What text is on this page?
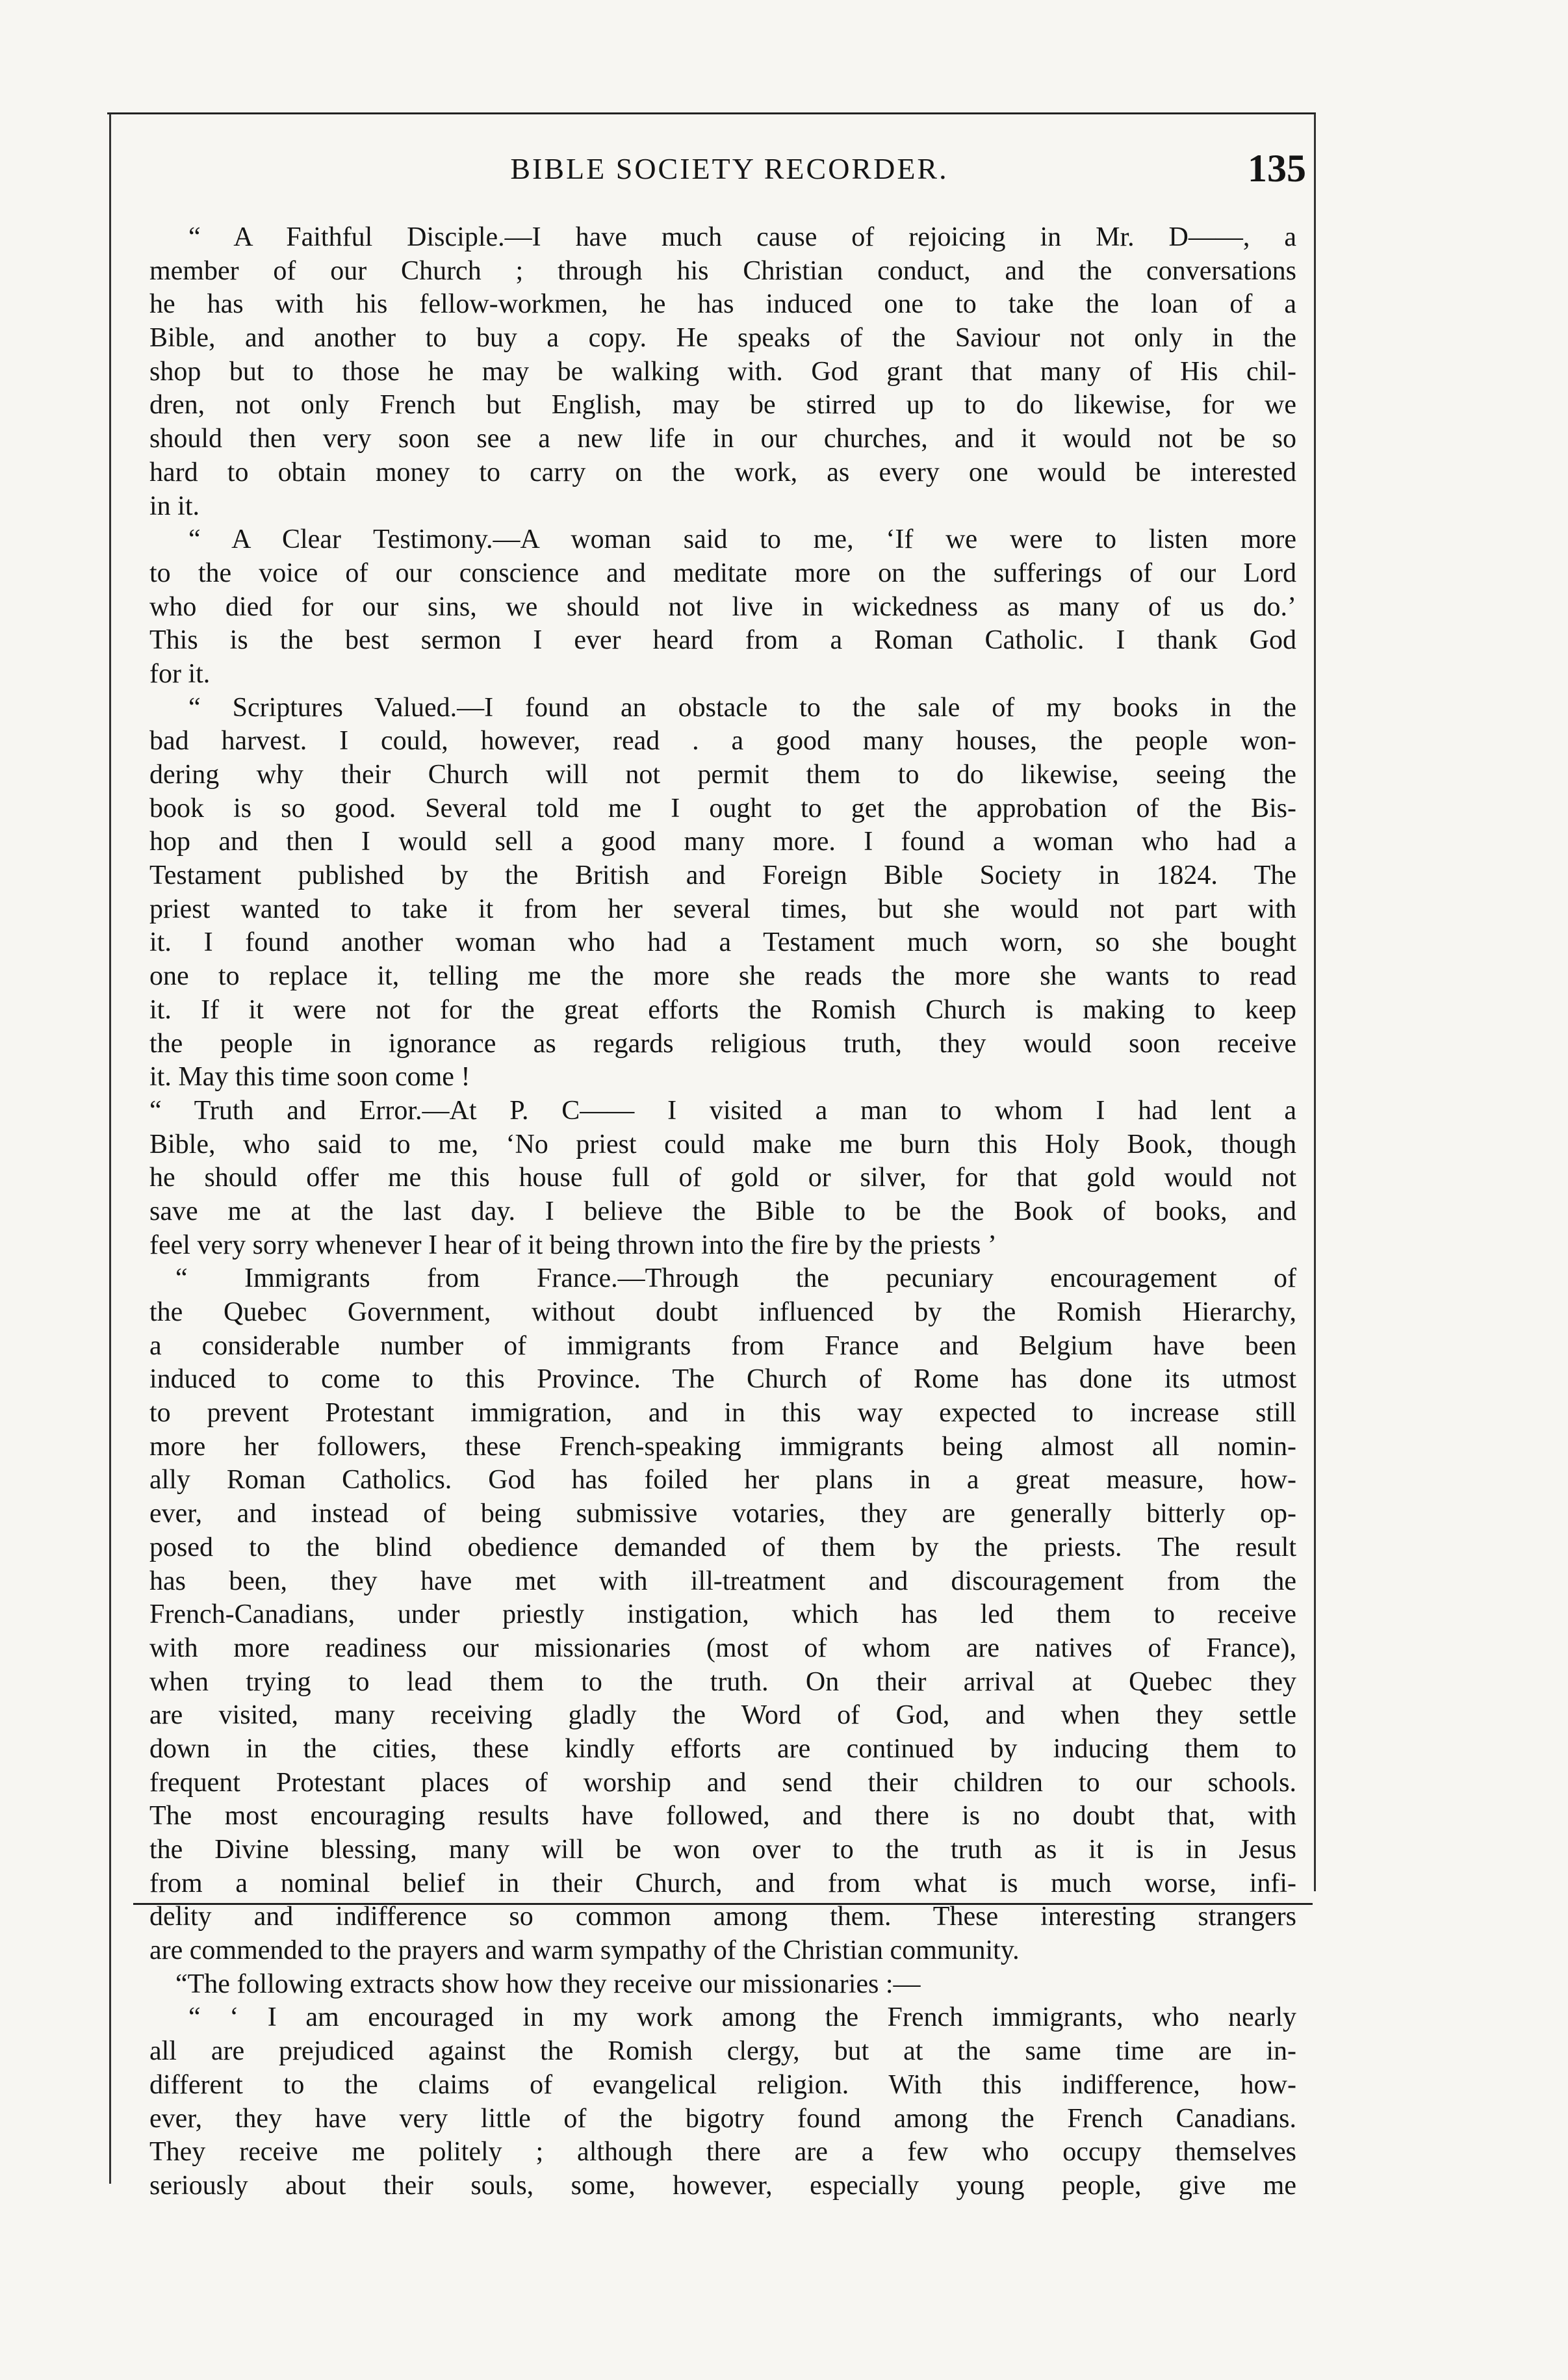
BIBLE SOCIETY RECORDER.	135
“ A Faithful Disciple.—I have much cause of rejoicing in Mr. D——, a
member of our Church ; through his Christian conduct, and the conversations
he has with his fellow-workmen, he has induced one to take the loan of a
Bible, and another to buy a copy. He speaks of the Saviour not only in the
shop but to those he may be walking with. God grant that many of His chil-
dren, not only French but English, may be stirred up to do likewise, for we
should then very soon see a new life in our churches, and it would not be so
hard to obtain money to carry on the work, as every one would be interested
in it.
“ A Clear Testimony.—A woman said to me, ‘If we were to listen more
to the voice of our conscience and meditate more on the sufferings of our Lord
who died for our sins, we should not live in wickedness as many of us do.’
This is the best sermon I ever heard from a Roman Catholic. I thank God
for it.
“ Scriptures Valued.—I found an obstacle to the sale of my books in the
bad harvest. I could, however, read . a good many houses, the people won-
dering why their Church will not permit them to do likewise, seeing the
book is so good. Several told me I ought to get the approbation of the Bis-
hop and then I would sell a good many more. I found a woman who had a
Testament published by the British and Foreign Bible Society in 1824. The
priest wanted to take it from her several times, but she would not part with
it. I found another woman who had a Testament much worn, so she bought
one to replace it, telling me the more she reads the more she wants to read
it. If it were not for the great efforts the Romish Church is making to keep
the people in ignorance as regards religious truth, they would soon receive
it. May this time soon come !
“ Truth and Error.—At P. C—— I visited a man to whom I had lent a
Bible, who said to me, ‘No priest could make me burn this Holy Book, though
he should offer me this house full of gold or silver, for that gold would not
save me at the last day. I believe the Bible to be the Book of books, and
feel very sorry whenever I hear of it being thrown into the fire by the priests ’
“ Immigrants from France.—Through the pecuniary encouragement of
the Quebec Government, without doubt influenced by the Romish Hierarchy,
a considerable number of immigrants from France and Belgium have been
induced to come to this Province. The Church of Rome has done its utmost
to prevent Protestant immigration, and in this way expected to increase still
more her followers, these French-speaking immigrants being almost all nomin-
ally Roman Catholics. God has foiled her plans in a great measure, how-
ever, and instead of being submissive votaries, they are generally bitterly op-
posed to the blind obedience demanded of them by the priests. The result
has been, they have met with ill-treatment and discouragement from the
French-Canadians, under priestly instigation, which has led them to receive
with more readiness our missionaries (most of whom are natives of France),
when trying to lead them to the truth. On their arrival at Quebec they
are visited, many receiving gladly the Word of God, and when they settle
down in the cities, these kindly efforts are continued by inducing them to
frequent Protestant places of worship and send their children to our schools.
The most encouraging results have followed, and there is no doubt that, with
the Divine blessing, many will be won over to the truth as it is in Jesus
from a nominal belief in their Church, and from what is much worse, infi-
delity and indifference so common among them. These interesting strangers
are commended to the prayers and warm sympathy of the Christian community.
“The following extracts show how they receive our missionaries :—
“ ‘ I am encouraged in my work among the French immigrants, who nearly
all are prejudiced against the Romish clergy, but at the same time are in-
different to the claims of evangelical religion. With this indifference, how-
ever, they have very little of the bigotry found among the French Canadians.
They receive me politely ; although there are a few who occupy themselves
seriously about their souls, some, however, especially young people, give me
